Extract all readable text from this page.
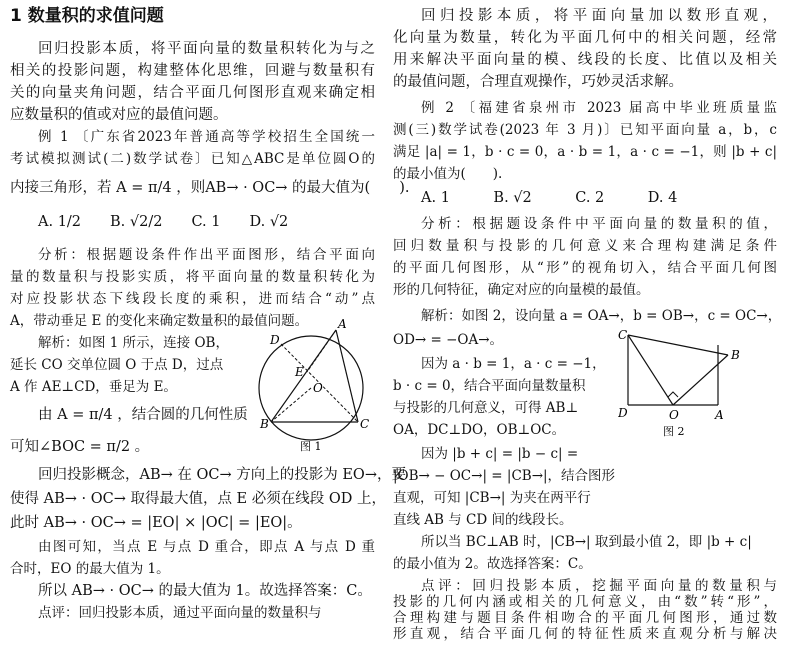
1 数量积的求值问题
回归投影本质，将平面向量的数量积转化为与之
相关的投影问题，构建整体化思维，回避与数量积有
关的向量夹角问题，结合平面几何图形直观来确定相
应数量积的值或对应的最值问题。
例 1 〔广东省2023年普通高等学校招生全国统一
考试模拟测试(二)数学试卷〕已知△ABC是单位圆O的
内接三角形，若 A = π/4 ，则AB→ · OC→ 的最大值为(　　).
A. 1/2　　B. √2/2　　C. 1　　D. √2
分析：根据题设条件作出平面图形，结合平面向
量的数量积与投影实质，将平面向量的数量积转化为
对应投影状态下线段长度的乘积，进而结合“动”点
A，带动垂足 E 的变化来确定数量积的最值问题。
解析：如图 1 所示，连接 OB，
延长 CO 交单位圆 O 于点 D，过点
A 作 AE⊥CD，垂足为 E。
由 A = π/4 ，结合圆的几何性质
可知∠BOC = π/2 。
回归投影概念，AB→ 在 OC→ 方向上的投影为 EO→，要
使得 AB→ · OC→ 取得最大值，点 E 必须在线段 OD 上，
此时 AB→ · OC→ = |EO| × |OC| = |EO|。
由图可知，当点 E 与点 D 重合，即点 A 与点 D 重
合时，EO 的最大值为 1。
所以 AB→ · OC→ 的最大值为 1。故选择答案：C。
点评：回归投影本质，通过平面向量的数量积与
A
B	C
D
E
O
图 1
回归投影本质，将平面向量加以数形直观，
化向量为数量，转化为平面几何中的相关问题，经常
用来解决平面向量的模、线段的长度、比值以及相关
的最值问题，合理直观操作，巧妙灵活求解。
例 2 〔福建省泉州市 2023 届高中毕业班质量监
测(三)数学试卷(2023 年 3 月)〕已知平面向量 a，b，c
满足 |a| = 1，b · c = 0，a · b = 1，a · c = −1，则 |b + c|
的最小值为(　　).
A. 1　　　B. √2　　　C. 2　　　D. 4
分析：根据题设条件中平面向量的数量积的值，
回归数量积与投影的几何意义来合理构建满足条件
的平面几何图形，从“形”的视角切入，结合平面几何图
形的几何特征，确定对应的向量模的最值。
解析：如图 2，设向量 a = OA→，b = OB→，c = OC→，
OD→ = −OA→。
因为 a · b = 1，a · c = −1，
b · c = 0，结合平面向量数量积
与投影的几何意义，可得 AB⊥
OA，DC⊥DO，OB⊥OC。
因为 |b + c| = |b − c| =
|OB→ − OC→| = |CB→|，结合图形
直观，可知 |CB→| 为夹在两平行
直线 AB 与 CD 间的线段长。
所以当 BC⊥AB 时，|CB→| 取到最小值 2，即 |b + c|
的最小值为 2。故选择答案：C。
点评：回归投影本质，挖掘平面向量的数量积与
投影的几何内涵或相关的几何意义，由“数”转“形”，
合理构建与题目条件相吻合的平面几何图形，通过数
形直观，结合平面几何的特征性质来直观分析与解决
C
B
D	O	A
图 2
